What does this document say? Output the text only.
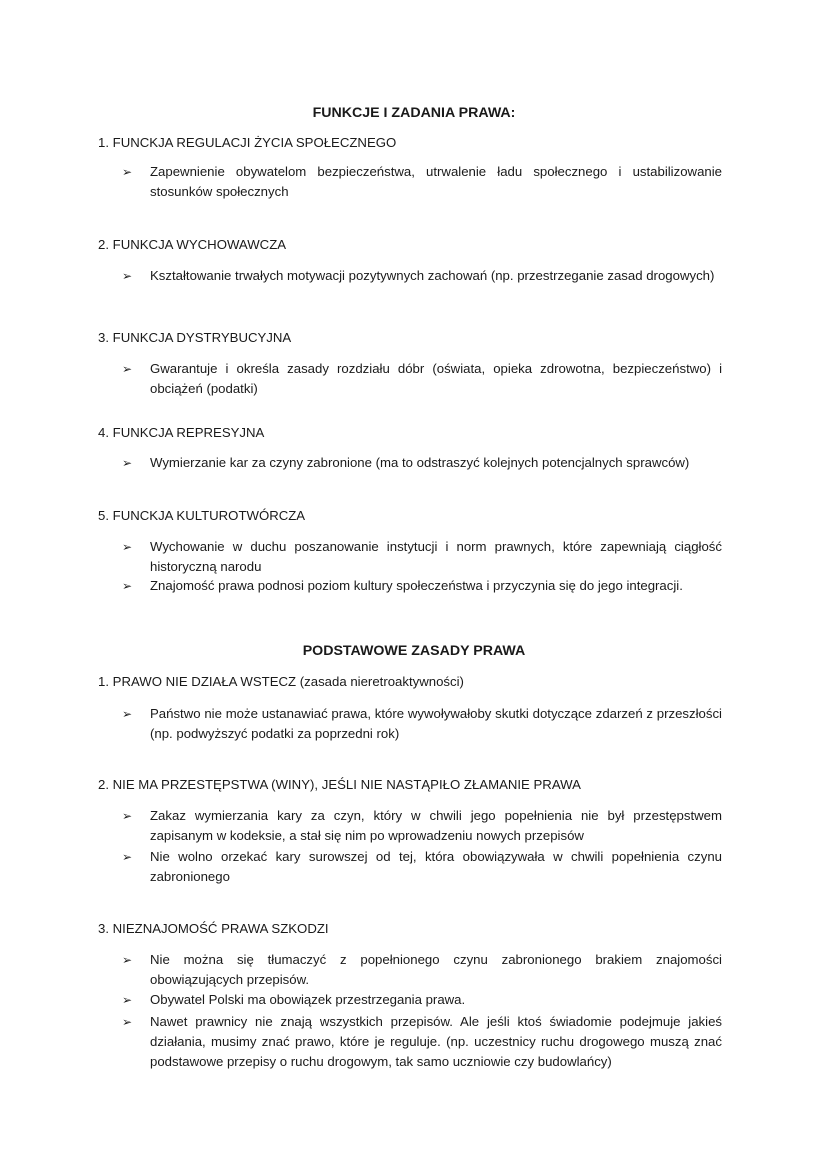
FUNKCJE I ZADANIA PRAWA:
1. FUNCKJA REGULACJI ŻYCIA SPOŁECZNEGO
➢	Zapewnienie obywatelom bezpieczeństwa, utrwalenie ładu społecznego i ustabilizowanie stosunków społecznych
2. FUNKCJA WYCHOWAWCZA
➢	Kształtowanie trwałych motywacji pozytywnych zachowań (np. przestrzeganie zasad drogowych)
3. FUNKCJA DYSTRYBUCYJNA
➢	Gwarantuje i określa zasady rozdziału dóbr (oświata, opieka zdrowotna, bezpieczeństwo) i obciążeń (podatki)
4. FUNKCJA REPRESYJNA
➢	Wymierzanie kar za czyny zabronione (ma to odstraszyć kolejnych potencjalnych sprawców)
5. FUNCKJA KULTUROTWÓRCZA
➢	Wychowanie w duchu poszanowanie instytucji i norm prawnych, które zapewniają ciągłość historyczną narodu
➢	Znajomość prawa podnosi poziom kultury społeczeństwa i przyczynia się do jego integracji.
PODSTAWOWE ZASADY PRAWA
1. PRAWO NIE DZIAŁA WSTECZ (zasada nieretroaktywności)
➢	Państwo nie może ustanawiać prawa, które wywoływałoby skutki dotyczące zdarzeń z przeszłości (np. podwyższyć podatki za poprzedni rok)
2. NIE MA PRZESTĘPSTWA (WINY), JEŚLI NIE NASTĄPIŁO ZŁAMANIE PRAWA
➢	Zakaz wymierzania kary za czyn, który w chwili jego popełnienia nie był przestępstwem zapisanym w kodeksie, a stał się nim po wprowadzeniu nowych przepisów
➢	Nie wolno orzekać kary surowszej od tej, która obowiązywała w chwili popełnienia czynu zabronionego
3. NIEZNAJOMOŚĆ PRAWA SZKODZI
➢	Nie można się tłumaczyć z popełnionego czynu zabronionego brakiem znajomości obowiązujących przepisów.
➢	Obywatel Polski ma obowiązek przestrzegania prawa.
➢	Nawet prawnicy nie znają wszystkich przepisów. Ale jeśli ktoś świadomie podejmuje jakieś działania, musimy znać prawo, które je reguluje. (np. uczestnicy ruchu drogowego muszą znać podstawowe przepisy o ruchu drogowym, tak samo uczniowie czy budowlańcy)
